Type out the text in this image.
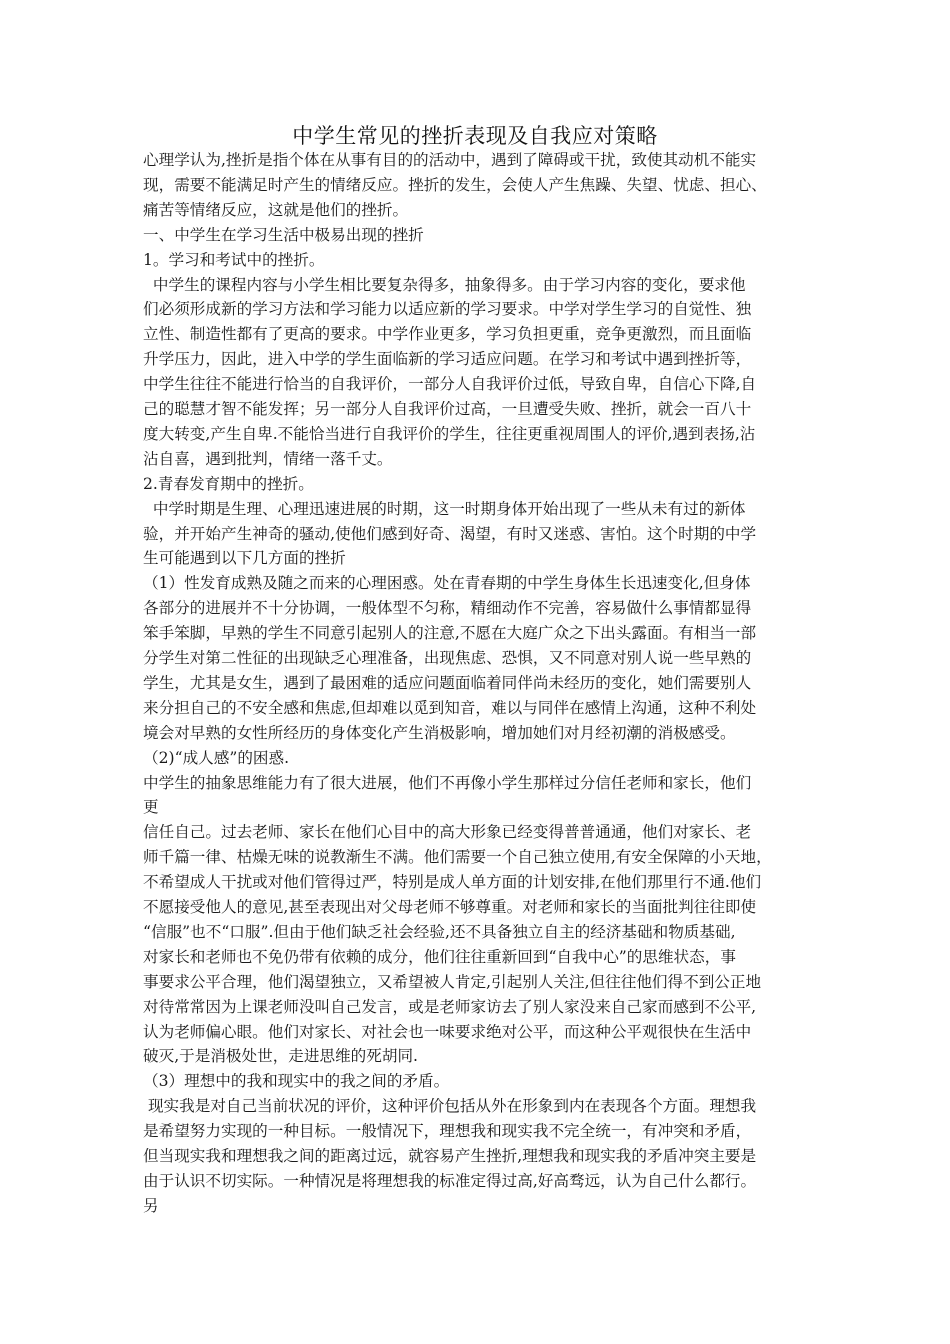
中学生常见的挫折表现及自我应对策略
心理学认为,挫折是指个体在从事有目的的活动中，遇到了障碍或干扰，致使其动机不能实
现，需要不能满足时产生的情绪反应。挫折的发生，会使人产生焦躁、失望、忧虑、担心、
痛苦等情绪反应，这就是他们的挫折。
一、中学生在学习生活中极易出现的挫折
1。学习和考试中的挫折。
中学生的课程内容与小学生相比要复杂得多，抽象得多。由于学习内容的变化，要求他
们必须形成新的学习方法和学习能力以适应新的学习要求。中学对学生学习的自觉性、独
立性、制造性都有了更高的要求。中学作业更多，学习负担更重，竞争更激烈，而且面临
升学压力，因此，进入中学的学生面临新的学习适应问题。在学习和考试中遇到挫折等，
中学生往往不能进行恰当的自我评价，一部分人自我评价过低，导致自卑，自信心下降,自
己的聪慧才智不能发挥；另一部分人自我评价过高，一旦遭受失败、挫折，就会一百八十
度大转变,产生自卑.不能恰当进行自我评价的学生，往往更重视周围人的评价,遇到表扬,沾
沾自喜，遇到批判，情绪一落千丈。
2.青春发育期中的挫折。
中学时期是生理、心理迅速进展的时期，这一时期身体开始出现了一些从未有过的新体
验，并开始产生神奇的骚动,使他们感到好奇、渴望，有时又迷惑、害怕。这个时期的中学
生可能遇到以下几方面的挫折
（1）性发育成熟及随之而来的心理困惑。处在青春期的中学生身体生长迅速变化,但身体
各部分的进展并不十分协调，一般体型不匀称，精细动作不完善，容易做什么事情都显得
笨手笨脚，早熟的学生不同意引起别人的注意,不愿在大庭广众之下出头露面。有相当一部
分学生对第二性征的出现缺乏心理准备，出现焦虑、恐惧，又不同意对别人说一些早熟的
学生，尤其是女生，遇到了最困难的适应问题面临着同伴尚未经历的变化，她们需要别人
来分担自己的不安全感和焦虑,但却难以觅到知音，难以与同伴在感情上沟通，这种不利处
境会对早熟的女性所经历的身体变化产生消极影响，增加她们对月经初潮的消极感受。
（2)“成人感”的困惑.
中学生的抽象思维能力有了很大进展，他们不再像小学生那样过分信任老师和家长，他们
更
信任自己。过去老师、家长在他们心目中的高大形象已经变得普普通通，他们对家长、老
师千篇一律、枯燥无味的说教渐生不满。他们需要一个自己独立使用,有安全保障的小天地，
不希望成人干扰或对他们管得过严，特别是成人单方面的计划安排,在他们那里行不通.他们
不愿接受他人的意见,甚至表现出对父母老师不够尊重。对老师和家长的当面批判往往即使
“信服”也不“口服”.但由于他们缺乏社会经验,还不具备独立自主的经济基础和物质基础,
对家长和老师也不免仍带有依赖的成分，他们往往重新回到“自我中心”的思维状态，事
事要求公平合理，他们渴望独立，又希望被人肯定,引起别人关注,但往往他们得不到公正地
对待常常因为上课老师没叫自己发言，或是老师家访去了别人家没来自己家而感到不公平,
认为老师偏心眼。他们对家长、对社会也一味要求绝对公平，而这种公平观很快在生活中
破灭,于是消极处世，走进思维的死胡同.
（3）理想中的我和现实中的我之间的矛盾。
现实我是对自己当前状况的评价，这种评价包括从外在形象到内在表现各个方面。理想我
是希望努力实现的一种目标。一般情况下，理想我和现实我不完全统一，有冲突和矛盾，
但当现实我和理想我之间的距离过远，就容易产生挫折,理想我和现实我的矛盾冲突主要是
由于认识不切实际。一种情况是将理想我的标准定得过高,好高骛远，认为自己什么都行。
另
